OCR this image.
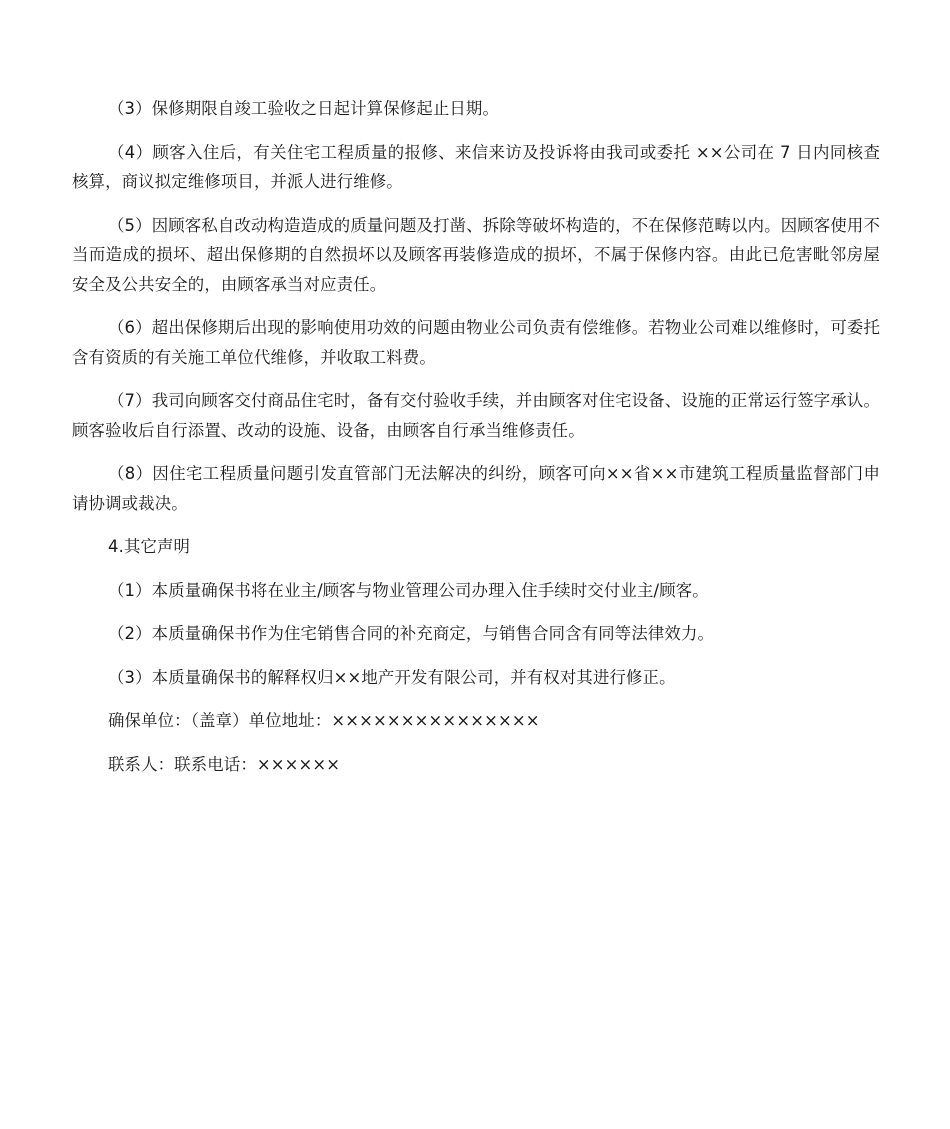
（3）保修期限自竣工验收之日起计算保修起止日期。

（4）顾客入住后，有关住宅工程质量的报修、来信来访及投诉将由我司或委托 ××公司在 7 日内同核查核算，商议拟定维修项目，并派人进行维修。

（5）因顾客私自改动构造造成的质量问题及打凿、拆除等破坏构造的，不在保修范畴以内。因顾客使用不当而造成的损坏、超出保修期的自然损坏以及顾客再装修造成的损坏，不属于保修内容。由此已危害毗邻房屋安全及公共安全的，由顾客承当对应责任。

（6）超出保修期后出现的影响使用功效的问题由物业公司负责有偿维修。若物业公司难以维修时，可委托含有资质的有关施工单位代维修，并收取工料费。

（7）我司向顾客交付商品住宅时，备有交付验收手续，并由顾客对住宅设备、设施的正常运行签字承认。顾客验收后自行添置、改动的设施、设备，由顾客自行承当维修责任。

（8）因住宅工程质量问题引发直管部门无法解决的纠纷，顾客可向××省××市建筑工程质量监督部门申请协调或裁决。

4.其它声明

（1）本质量确保书将在业主/顾客与物业管理公司办理入住手续时交付业主/顾客。

（2）本质量确保书作为住宅销售合同的补充商定，与销售合同含有同等法律效力。

（3）本质量确保书的解释权归××地产开发有限公司，并有权对其进行修正。

确保单位：（盖章）单位地址：×××××××××××××××

联系人：联系电话：××××××
